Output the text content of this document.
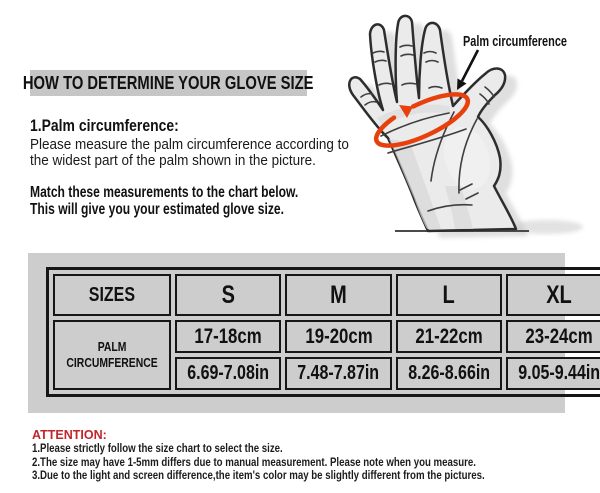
HOW TO DETERMINE YOUR GLOVE SIZE
1.Palm circumference:
Please measure the palm circumference according to
the widest part of the palm shown in the picture.
Match these measurements to the chart below.
This will give you your estimated glove size.
Palm circumference
SIZES	S	M	L	XL

PALM
CIRCUMFERENCE	17-18cm	19-20cm	21-22cm	23-24cm
	6.69-7.08in	7.48-7.87in	8.26-8.66in	9.05-9.44in
ATTENTION:
1.Please strictly follow the size chart to select the size.
2.The size may have 1-5mm differs due to manual measurement. Please note when you measure.
3.Due to the light and screen difference,the item's color may be slightly different from the pictures.
